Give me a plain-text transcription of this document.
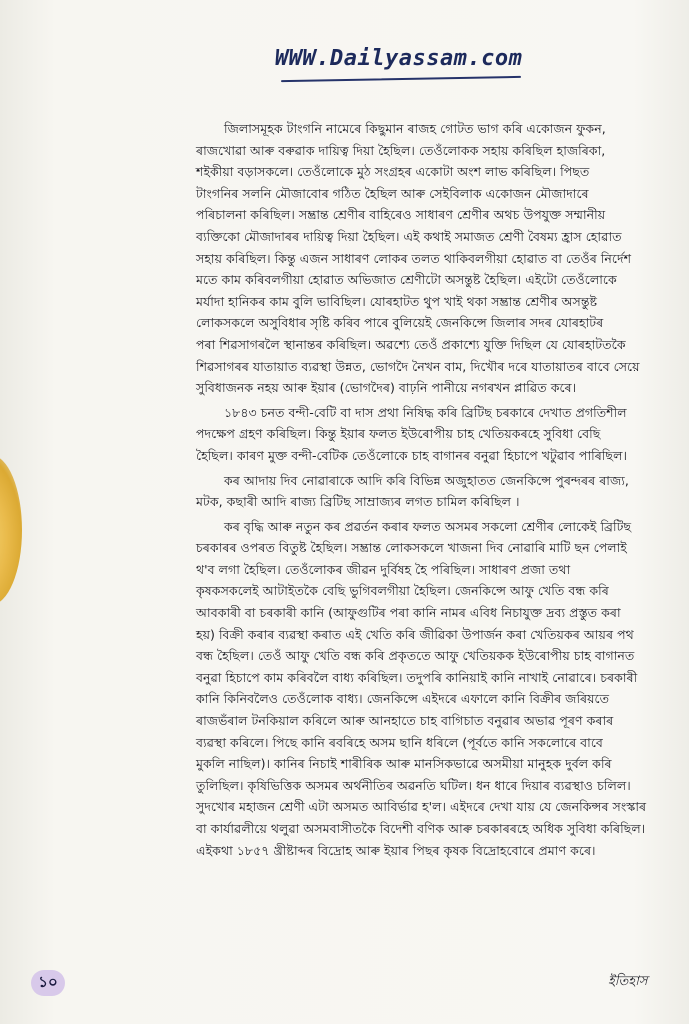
WWW.Dailyassam.com
জিলাসমূহক টাংগনি নামেৰে কিছুমান ৰাজহ গোটত ভাগ কৰি একোজন ফুকন,
ৰাজখোৱা আৰু বৰুৱাক দায়িত্ব দিয়া হৈছিল। তেওঁলোকক সহায় কৰিছিল হাজৰিকা,
শইকীয়া বড়াসকলে। তেওঁলোকে মুঠ সংগ্ৰহৰ একোটা অংশ লাভ কৰিছিল। পিছত
টাংগনিৰ সলনি মৌজাবোৰ গঠিত হৈছিল আৰু সেইবিলাক একোজন মৌজাদাৰে
পৰিচালনা কৰিছিল। সম্ভ্ৰান্ত শ্ৰেণীৰ বাহিৰেও সাধাৰণ শ্ৰেণীৰ অথচ উপযুক্ত সম্মানীয়
ব্যক্তিকো মৌজাদাৰৰ দায়িত্ব দিয়া হৈছিল। এই কথাই সমাজত শ্ৰেণী বৈষম্য হ্ৰাস হোৱাত
সহায় কৰিছিল। কিন্তু এজন সাধাৰণ লোকৰ তলত থাকিবলগীয়া হোৱাত বা তেওঁৰ নিৰ্দেশ
মতে কাম কৰিবলগীয়া হোৱাত অভিজাত শ্ৰেণীটো অসন্তুষ্ট হৈছিল। এইটো তেওঁলোকে
মৰ্যাদা হানিকৰ কাম বুলি ভাবিছিল। যোৰহাটত থুপ খাই থকা সম্ভ্ৰান্ত শ্ৰেণীৰ অসন্তুষ্ট
লোকসকলে অসুবিধাৰ সৃষ্টি কৰিব পাৰে বুলিয়েই জেনকিন্সে জিলাৰ সদৰ যোৰহাটৰ
পৰা শিৱসাগৰলৈ স্থানান্তৰ কৰিছিল। অৱশ্যে তেওঁ প্ৰকাশ্যে যুক্তি দিছিল যে যোৰহাটতকৈ
শিৱসাগৰৰ যাতায়াত ব্যৱস্থা উন্নত, ভোগদৈ নৈখন বাম, দিখৌৰ দৰে যাতায়াতৰ বাবে সেয়ে
সুবিধাজনক নহয় আৰু ইয়াৰ (ভোগদৈৰ) বাঢ়নি পানীয়ে নগৰখন প্লাৱিত কৰে।
১৮৪৩ চনত বন্দী-বেটি বা দাস প্ৰথা নিষিদ্ধ কৰি ব্ৰিটিছ চৰকাৰে দেখাত প্ৰগতিশীল
পদক্ষেপ গ্ৰহণ কৰিছিল। কিন্তু ইয়াৰ ফলত ইউৰোপীয় চাহ খেতিয়কৰহে সুবিধা বেছি
হৈছিল। কাৰণ মুক্ত বন্দী-বেটিক তেওঁলোকে চাহ বাগানৰ বনুৱা হিচাপে খটুৱাব পাৰিছিল।
কৰ আদায় দিব নোৱাৰাকে আদি কৰি বিভিন্ন অজুহাতত জেনকিন্সে পুৰন্দৰৰ ৰাজ্য,
মটক, কছাৰী আদি ৰাজ্য ব্ৰিটিছ সাম্ৰাজ্যৰ লগত চামিল কৰিছিল ।
কৰ বৃদ্ধি আৰু নতুন কৰ প্ৰৱৰ্তন কৰাৰ ফলত অসমৰ সকলো শ্ৰেণীৰ লোকেই ব্ৰিটিছ
চৰকাৰৰ ওপৰত বিতুষ্ট হৈছিল। সম্ভ্ৰান্ত লোকসকলে খাজনা দিব নোৱাৰি মাটি ছন পেলাই
থ'ব লগা হৈছিল। তেওঁলোকৰ জীৱন দুৰ্বিষহ হৈ পৰিছিল। সাধাৰণ প্ৰজা তথা
কৃষকসকলেই আটাইতকৈ বেছি ভুগিবলগীয়া হৈছিল। জেনকিন্সে আফু খেতি বন্ধ কৰি
আবকাৰী বা চৰকাৰী কানি (আফুগুটিৰ পৰা কানি নামৰ এবিধ নিচাযুক্ত দ্ৰব্য প্ৰস্তুত কৰা
হয়) বিক্ৰী কৰাৰ ব্যৱস্থা কৰাত এই খেতি কৰি জীৱিকা উপাৰ্জন কৰা খেতিয়কৰ আয়ৰ পথ
বন্ধ হৈছিল। তেওঁ আফু খেতি বন্ধ কৰি প্ৰকৃততে আফু খেতিয়কক ইউৰোপীয় চাহ বাগানত
বনুৱা হিচাপে কাম কৰিবলৈ বাধ্য কৰিছিল। তদুপৰি কানিয়াই কানি নাখাই নোৱাৰে। চৰকাৰী
কানি কিনিবলৈও তেওঁলোক বাধ্য। জেনকিন্সে এইদৰে এফালে কানি বিক্ৰীৰ জৰিয়তে
ৰাজভঁৰাল টনকিয়াল কৰিলে আৰু আনহাতে চাহ বাগিচাত বনুৱাৰ অভাৱ পূৰণ কৰাৰ
ব্যৱস্থা কৰিলে। পিছে কানি ৰবৰিহে অসম ছানি ধৰিলে (পূৰ্বতে কানি সকলোৰে বাবে
মুকলি নাছিল)। কানিৰ নিচাই শাৰীৰিক আৰু মানসিকভাৱে অসমীয়া মানুহক দুৰ্বল কৰি
তুলিছিল। কৃষিভিত্তিক অসমৰ অৰ্থনীতিৰ অৱনতি ঘটিল। ধন ধাৰে দিয়াৰ ব্যৱস্থাও চলিল।
সুদখোৰ মহাজন শ্ৰেণী এটা অসমত আবিৰ্ভাৱ হ'ল। এইদৰে দেখা যায় যে জেনকিন্সৰ সংস্কাৰ
বা কাৰ্যাৱলীয়ে থলুৱা অসমবাসীতকৈ বিদেশী বণিক আৰু চৰকাৰৰহে অধিক সুবিধা কৰিছিল।
এইকথা ১৮৫৭ খ্ৰীষ্টাব্দৰ বিদ্ৰোহ আৰু ইয়াৰ পিছৰ কৃষক বিদ্ৰোহবোৰে প্ৰমাণ কৰে।
১০	ইতিহাস
